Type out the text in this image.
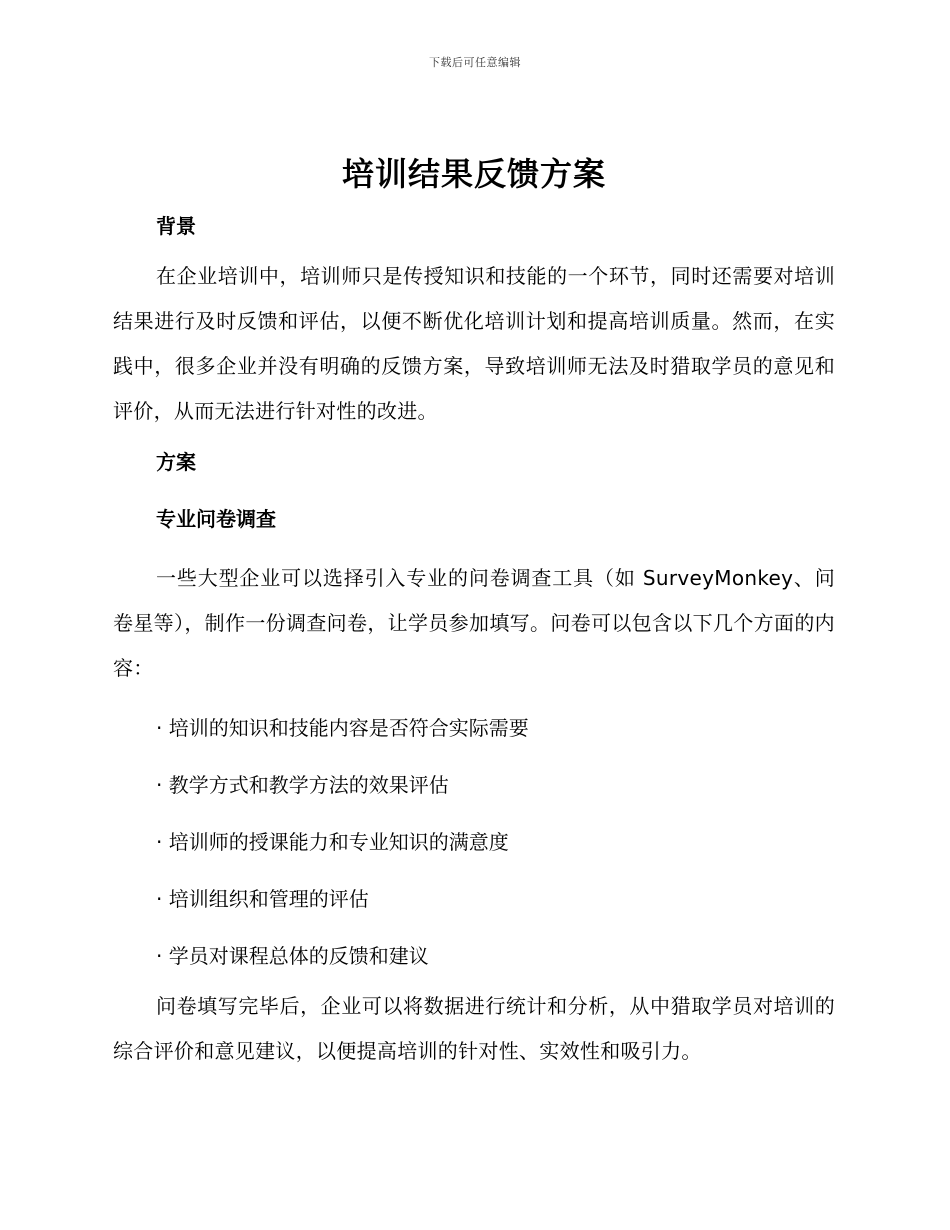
下载后可任意编辑
培训结果反馈方案

背景

在企业培训中，培训师只是传授知识和技能的一个环节，同时还需要对培训结果进行及时反馈和评估，以便不断优化培训计划和提高培训质量。然而，在实践中，很多企业并没有明确的反馈方案，导致培训师无法及时猎取学员的意见和评价，从而无法进行针对性的改进。

方案

专业问卷调查

一些大型企业可以选择引入专业的问卷调查工具（如 SurveyMonkey、问卷星等），制作一份调查问卷，让学员参加填写。问卷可以包含以下几个方面的内容：

· 培训的知识和技能内容是否符合实际需要

· 教学方式和教学方法的效果评估

· 培训师的授课能力和专业知识的满意度

· 培训组织和管理的评估

· 学员对课程总体的反馈和建议

问卷填写完毕后，企业可以将数据进行统计和分析，从中猎取学员对培训的综合评价和意见建议，以便提高培训的针对性、实效性和吸引力。
